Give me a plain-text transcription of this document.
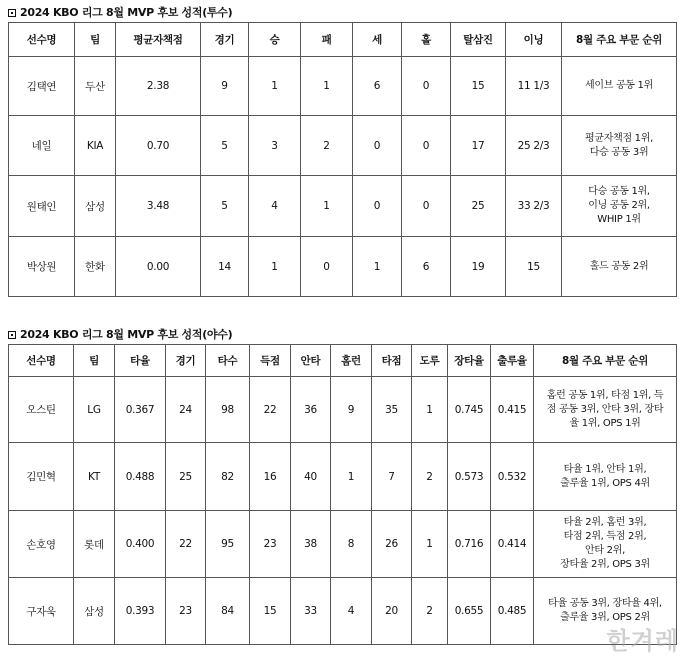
2024 KBO 리그 8월 MVP 후보 성적(투수)
선수명	팀	평균자책점	경기	승	패	세	홀	탈삼진	이닝	8월 주요 부문 순위
김택연	두산	2.38	9	1	1	6	0	15	11 1/3	세이브 공동 1위
네일	KIA	0.70	5	3	2	0	0	17	25 2/3	평균자책점 1위,
다승 공동 3위
원태인	삼성	3.48	5	4	1	0	0	25	33 2/3	다승 공동 1위,
이닝 공동 2위,
WHIP 1위
박상원	한화	0.00	14	1	0	1	6	19	15	홀드 공동 2위
2024 KBO 리그 8월 MVP 후보 성적(야수)
선수명	팀	타율	경기	타수	득점	안타	홈런	타점	도루	장타율	출루율	8월 주요 부문 순위
오스틴	LG	0.367	24	98	22	36	9	35	1	0.745	0.415	홈런 공동 1위, 타점 1위, 득
점 공동 3위, 안타 3위, 장타
율 1위, OPS 1위
김민혁	KT	0.488	25	82	16	40	1	7	2	0.573	0.532	타율 1위, 안타 1위,
출루율 1위, OPS 4위
손호영	롯데	0.400	22	95	23	38	8	26	1	0.716	0.414	타율 2위, 홈런 3위,
타점 2위, 득점 2위,
안타 2위,
장타율 2위, OPS 3위
구자욱	삼성	0.393	23	84	15	33	4	20	2	0.655	0.485	타율 공동 3위, 장타율 4위,
출루율 3위, OPS 2위
한겨레
